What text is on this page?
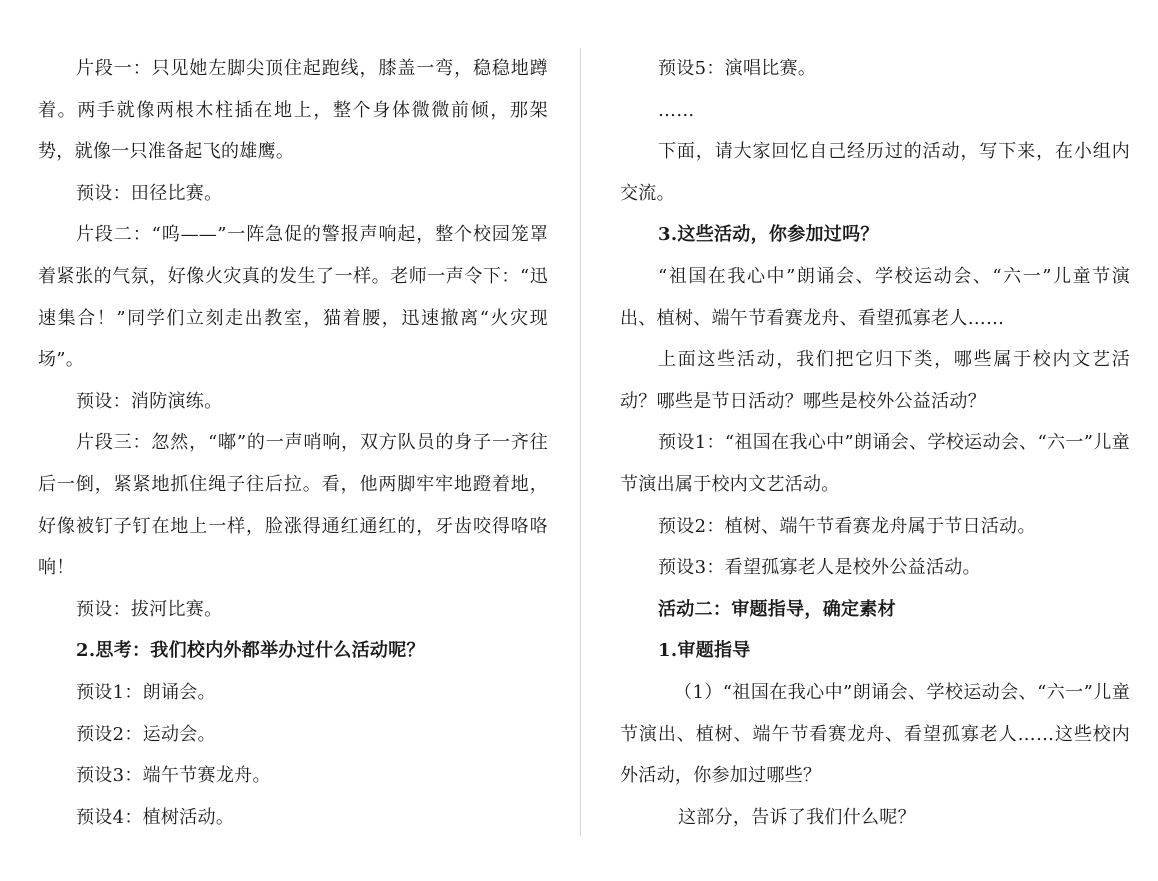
片段一：只见她左脚尖顶住起跑线，膝盖一弯，稳稳地蹲着。两手就像两根木柱插在地上，整个身体微微前倾，那架势，就像一只准备起飞的雄鹰。

预设：田径比赛。

片段二：“呜——”一阵急促的警报声响起，整个校园笼罩着紧张的气氛，好像火灾真的发生了一样。老师一声令下：“迅速集合！”同学们立刻走出教室，猫着腰，迅速撤离“火灾现场”。

预设：消防演练。

片段三：忽然，“嘟”的一声哨响，双方队员的身子一齐往后一倒，紧紧地抓住绳子往后拉。看，他两脚牢牢地蹬着地，好像被钉子钉在地上一样，脸涨得通红通红的，牙齿咬得咯咯响！

预设：拔河比赛。

2.思考：我们校内外都举办过什么活动呢？

预设1：朗诵会。

预设2：运动会。

预设3：端午节赛龙舟。

预设4：植树活动。

预设5：演唱比赛。

……

下面，请大家回忆自己经历过的活动，写下来，在小组内交流。

3.这些活动，你参加过吗？

“祖国在我心中”朗诵会、学校运动会、“六一”儿童节演出、植树、端午节看赛龙舟、看望孤寡老人……

上面这些活动，我们把它归下类，哪些属于校内文艺活动？哪些是节日活动？哪些是校外公益活动？

预设1：“祖国在我心中”朗诵会、学校运动会、“六一”儿童节演出属于校内文艺活动。

预设2：植树、端午节看赛龙舟属于节日活动。

预设3：看望孤寡老人是校外公益活动。

活动二：审题指导，确定素材

1.审题指导

（1）“祖国在我心中”朗诵会、学校运动会、“六一”儿童节演出、植树、端午节看赛龙舟、看望孤寡老人……这些校内外活动，你参加过哪些？

这部分，告诉了我们什么呢？
